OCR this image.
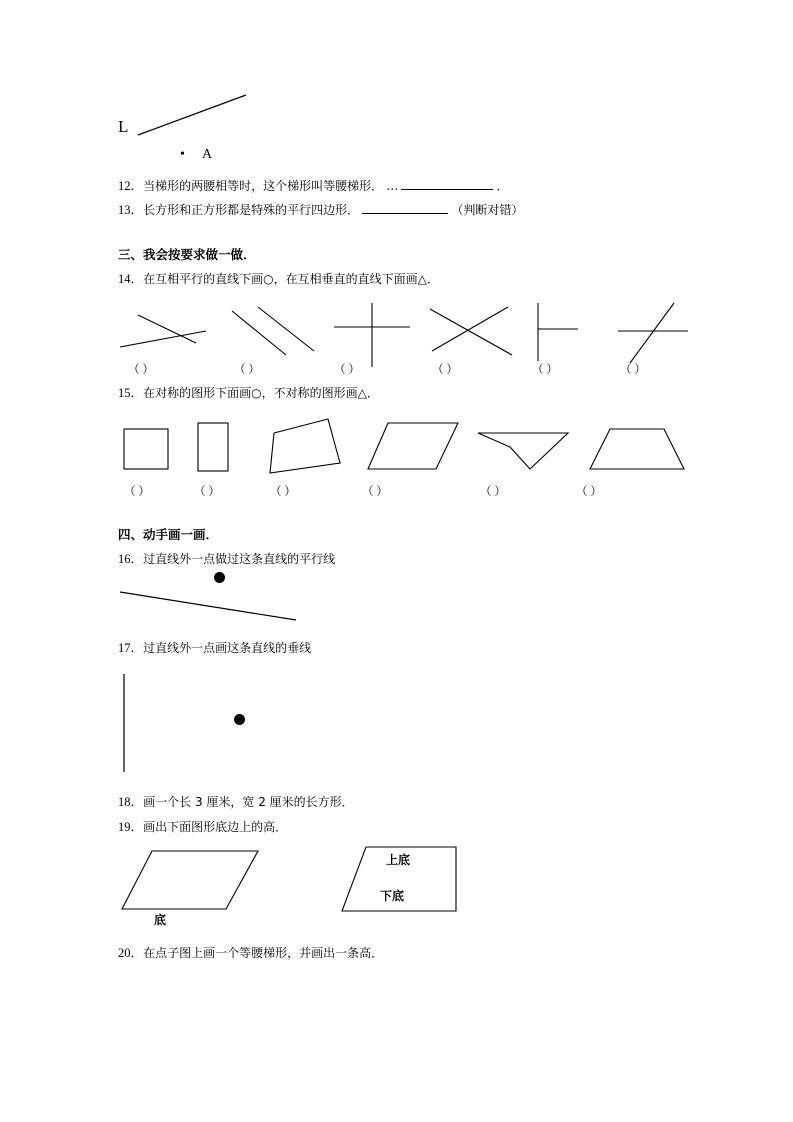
L
• A
12． 当梯形的两腰相等时，这个梯形叫等腰梯形． …	．
13． 长方形和正方形都是特殊的平行四边形．	（判断对错）
三、我会按要求做一做．
14． 在互相平行的直线下画○，在互相垂直的直线下面画△．
（ ）	（ ）	（ ）	（ ）	（ ）	（ ）
15． 在对称的图形下面画○，不对称的图形画△．
（ ）	（ ）	（ ）	（ ）	（ ）	（ ）
四、动手画一画．
16． 过直线外一点做过这条直线的平行线
17． 过直线外一点画这条直线的垂线
18． 画一个长 3 厘米，宽 2 厘米的长方形．
19． 画出下面图形底边上的高．
底
上底
下底
20． 在点子图上画一个等腰梯形，并画出一条高．
